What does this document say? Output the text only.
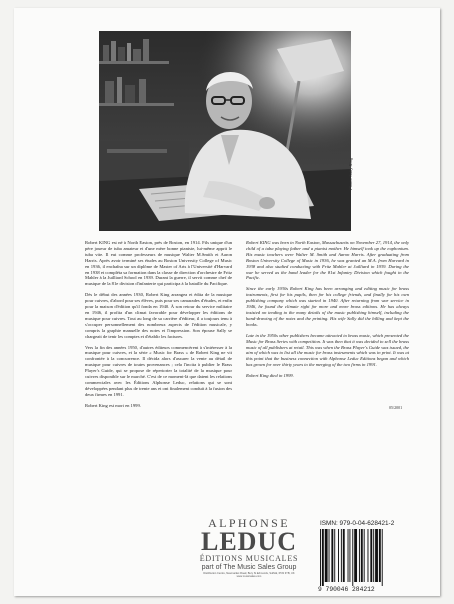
Photo: Sally King

Robert KING est né à North Easton, près de Boston, en 1914. Fils unique d'un père joueur de tuba amateur et d'une mère bonne pianiste, lui-même apprit le tuba vite. Il eut comme professeurs de musique Walter M.Smith et Aaron Harris. Après avoir terminé ses études au Boston University College of Music en 1936, il enchaîna sur un diplôme de Master of Arts à l'Université d'Harvard en 1938 et compléta sa formation dans la classe de direction d'orchestre de Fritz Mahler à la Juilliard School en 1939. Durant la guerre, il servit comme chef de musique de la 81e division d'infanterie qui participa à la bataille du Pacifique.

Dès le début des années 1930, Robert King arrangea et édita de la musique pour cuivres, d'abord pour ses élèves, puis pour ses camarades d'études, et enfin pour la maison d'édition qu'il fonda en 1940. À son retour du service militaire en 1946, il profita d'un climat favorable pour développer les éditions de musique pour cuivres. Tout au long de sa carrière d'éditeur, il a toujours tenu à s'occuper personnellement des nombreux aspects de l'édition musicale, y compris la graphie manuelle des notes et l'impression. Son épouse Sally se chargeait de tenir les comptes et d'établir les factures.

Vers la fin des années 1950, d'autres éditeurs commencèrent à s'intéresser à la musique pour cuivres, et la série « Music for Brass » de Robert King ne vit confrontée à la concurrence. Il décida alors d'assurer la vente au détail de musique pour cuivres de toutes provenances ; cela l'incita à publier le Brass Player's Guide, qui se propose de répertorier la totalité de la musique pour cuivres disponible sur le marché. C'est de ce moment-là que datent les relations commerciales avec les Éditions Alphonse Leduc, relations qui se sont développées pendant plus de trente ans et ont finalement conduit à la fusion des deux firmes en 1991.

Robert King est mort en 1999.

Robert KING was born in North Easton, Massachusetts on November 27, 1914, the only child of a tuba playing father and a pianist mother. He himself took up the euphonium. His music teachers were Walter M. Smith and Aaron Harris. After graduating from Boston University College of Music in 1936, he was granted an M.A. from Harvard in 1938 and also studied conducting with Fritz Mahler at Juilliard in 1939. During the war he served as the band leader for the 81st Infantry Division which fought in the Pacific.

Since the early 1930s Robert King has been arranging and editing music for brass instruments, first for his pupils, then for his college friends, and finally for his own publishing company which was started in 1940. After returning from war service in 1946, he found the climate right for more and more brass editions. He has always insisted on tending to the many details of the music publishing himself, including the hand-drawing of the notes and the printing. His wife Sally did the billing and kept the books.

Late in the 1950s other publishers became attracted to brass music, which presented the Music for Brass Series with competition. It was then that it was decided to sell the brass music of all publishers at retail. This was when the Brass Player's Guide was issued, the aim of which was to list all the music for brass instruments which was in print. It was at this point that the business connection with Alphonse Leduc Editions began and which has grown for over thirty years to the merging of the two firms in 1991.

Robert King died in 1999.

05/2001
ALPHONSE
LEDUC
ÉDITIONS MUSICALES
part of The Music Sales Group
Distribution Centre, Newmarket Road, Bury St Edmunds, Suffolk, IP33 3YB, UK
www.musicsales.com
ISMN: 979-0-04-628421-2
9 790046 284212
